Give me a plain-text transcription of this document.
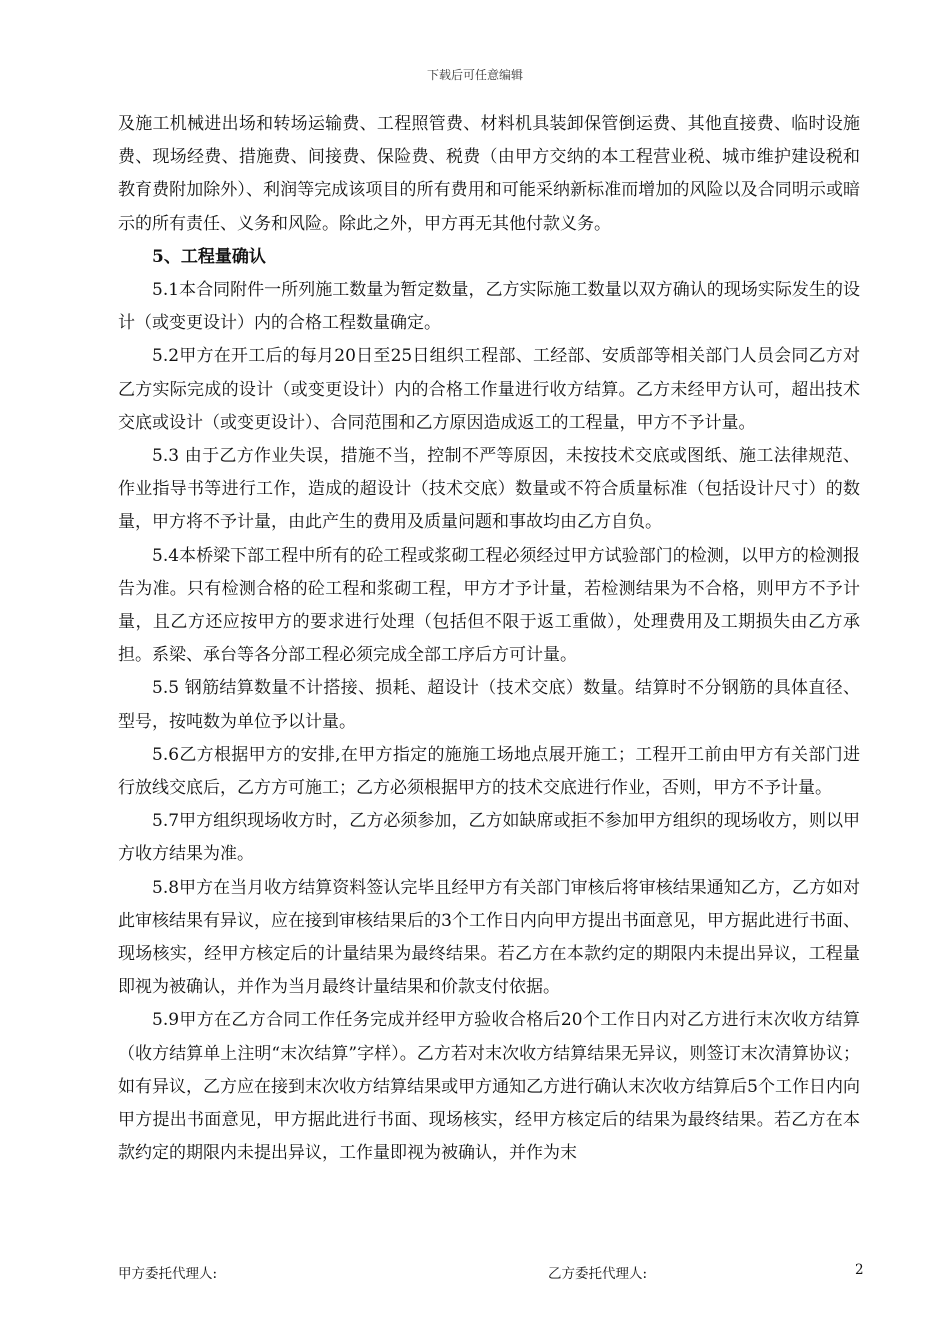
下载后可任意编辑

及施工机械进出场和转场运输费、工程照管费、材料机具装卸保管倒运费、其他直接费、临时设施费、现场经费、措施费、间接费、保险费、税费（由甲方交纳的本工程营业税、城市维护建设税和教育费附加除外）、利润等完成该项目的所有费用和可能采纳新标准而增加的风险以及合同明示或暗示的所有责任、义务和风险。除此之外，甲方再无其他付款义务。

5、工程量确认

5.1本合同附件一所列施工数量为暂定数量，乙方实际施工数量以双方确认的现场实际发生的设计（或变更设计）内的合格工程数量确定。

5.2甲方在开工后的每月20日至25日组织工程部、工经部、安质部等相关部门人员会同乙方对乙方实际完成的设计（或变更设计）内的合格工作量进行收方结算。乙方未经甲方认可，超出技术交底或设计（或变更设计）、合同范围和乙方原因造成返工的工程量，甲方不予计量。

5.3 由于乙方作业失误，措施不当，控制不严等原因，未按技术交底或图纸、施工法律规范、作业指导书等进行工作，造成的超设计（技术交底）数量或不符合质量标准（包括设计尺寸）的数量，甲方将不予计量，由此产生的费用及质量问题和事故均由乙方自负。

5.4本桥梁下部工程中所有的砼工程或浆砌工程必须经过甲方试验部门的检测，以甲方的检测报告为准。只有检测合格的砼工程和浆砌工程，甲方才予计量，若检测结果为不合格，则甲方不予计量，且乙方还应按甲方的要求进行处理（包括但不限于返工重做），处理费用及工期损失由乙方承担。系梁、承台等各分部工程必须完成全部工序后方可计量。

5.5 钢筋结算数量不计搭接、损耗、超设计（技术交底）数量。结算时不分钢筋的具体直径、型号，按吨数为单位予以计量。

5.6乙方根据甲方的安排,在甲方指定的施施工场地点展开施工；工程开工前由甲方有关部门进行放线交底后，乙方方可施工；乙方必须根据甲方的技术交底进行作业，否则，甲方不予计量。

5.7甲方组织现场收方时，乙方必须参加，乙方如缺席或拒不参加甲方组织的现场收方，则以甲方收方结果为准。

5.8甲方在当月收方结算资料签认完毕且经甲方有关部门审核后将审核结果通知乙方，乙方如对此审核结果有异议，应在接到审核结果后的3个工作日内向甲方提出书面意见，甲方据此进行书面、现场核实，经甲方核定后的计量结果为最终结果。若乙方在本款约定的期限内未提出异议，工程量即视为被确认，并作为当月最终计量结果和价款支付依据。

5.9甲方在乙方合同工作任务完成并经甲方验收合格后20个工作日内对乙方进行末次收方结算（收方结算单上注明“末次结算”字样）。乙方若对末次收方结算结果无异议，则签订末次清算协议；如有异议，乙方应在接到末次收方结算结果或甲方通知乙方进行确认末次收方结算后5个工作日内向甲方提出书面意见，甲方据此进行书面、现场核实，经甲方核定后的结果为最终结果。若乙方在本款约定的期限内未提出异议，工作量即视为被确认，并作为末

甲方委托代理人:	乙方委托代理人:	2
